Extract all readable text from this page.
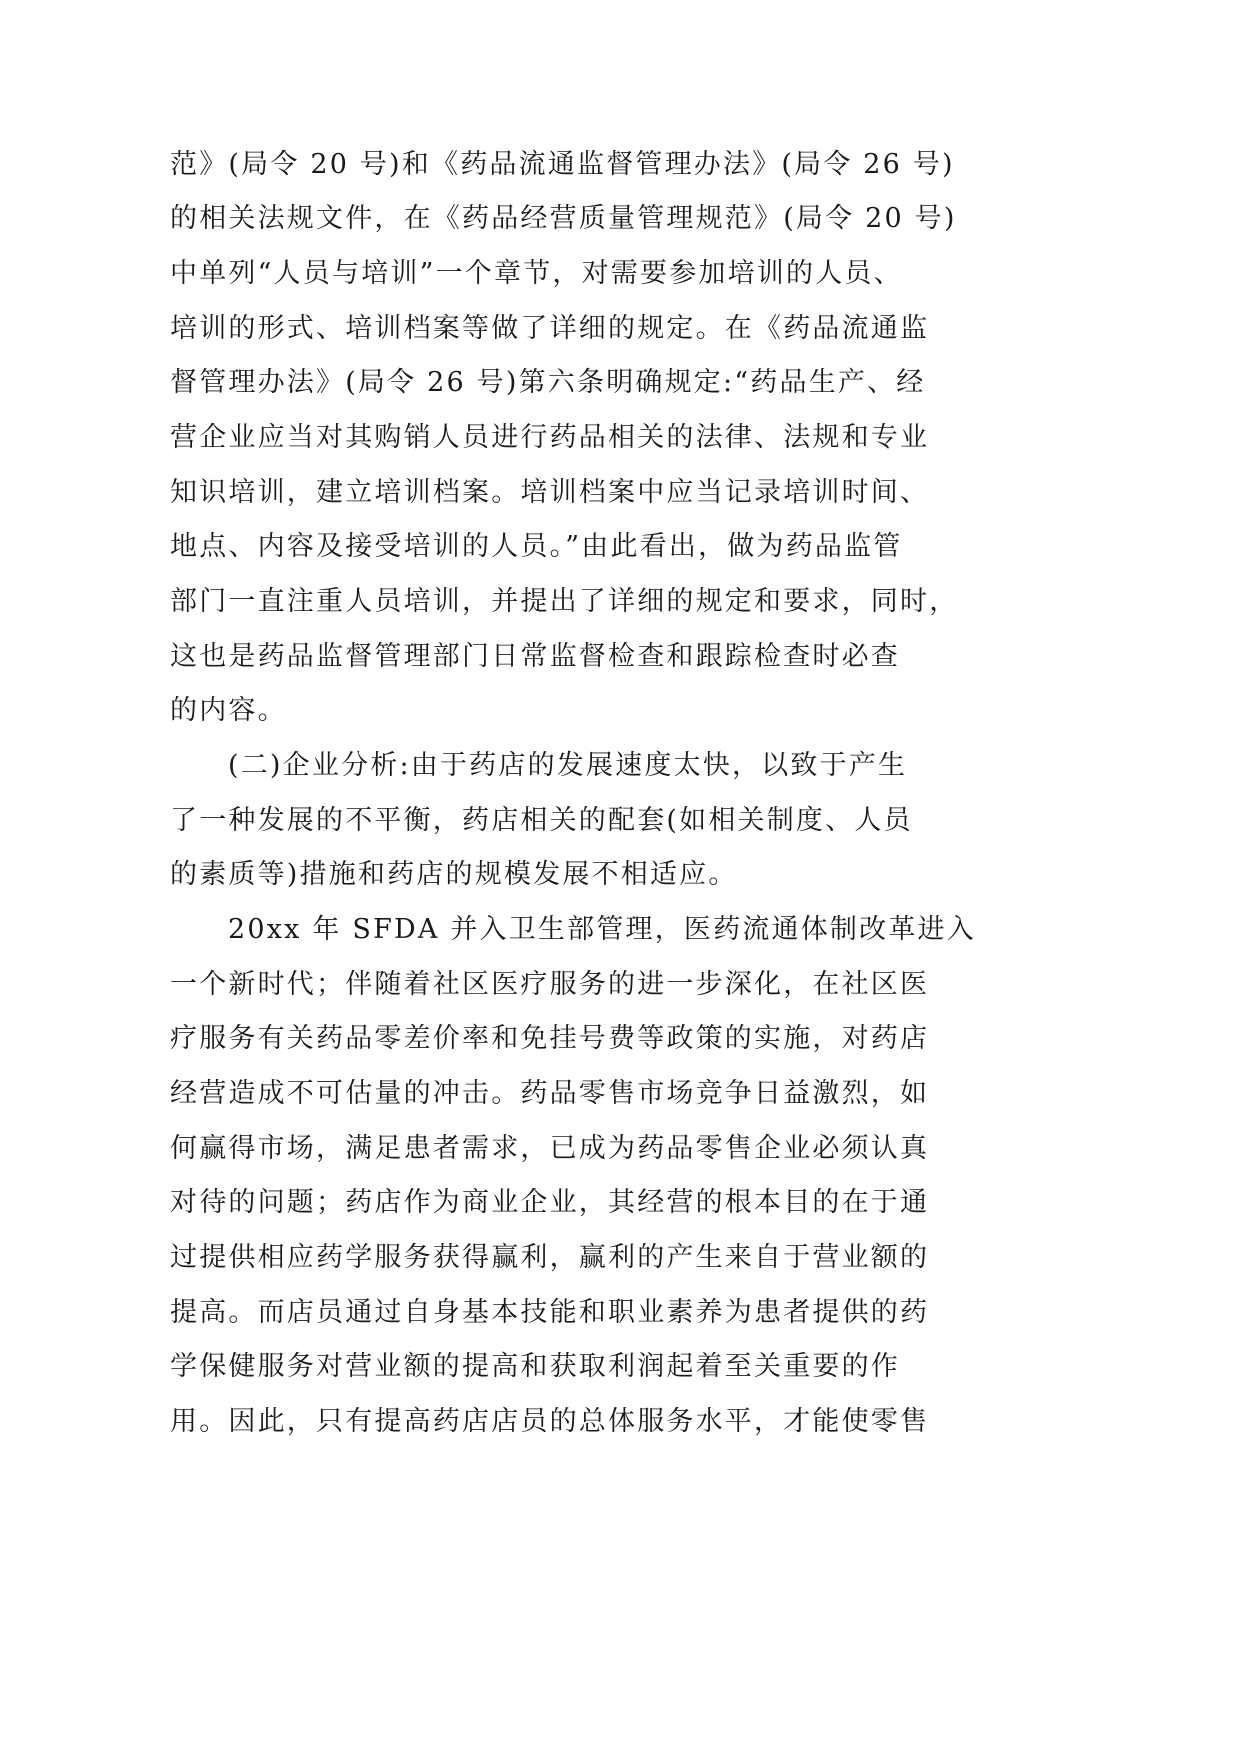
范》(局令 20 号)和《药品流通监督管理办法》(局令 26 号)
的相关法规文件，在《药品经营质量管理规范》(局令 20 号)
中单列“人员与培训”一个章节，对需要参加培训的人员、
培训的形式、培训档案等做了详细的规定。在《药品流通监
督管理办法》(局令 26 号)第六条明确规定:“药品生产、经
营企业应当对其购销人员进行药品相关的法律、法规和专业
知识培训，建立培训档案。培训档案中应当记录培训时间、
地点、内容及接受培训的人员。”由此看出，做为药品监管
部门一直注重人员培训，并提出了详细的规定和要求，同时，
这也是药品监督管理部门日常监督检查和跟踪检查时必查
的内容。
(二)企业分析:由于药店的发展速度太快，以致于产生
了一种发展的不平衡，药店相关的配套(如相关制度、人员
的素质等)措施和药店的规模发展不相适应。
20xx 年 SFDA 并入卫生部管理，医药流通体制改革进入
一个新时代；伴随着社区医疗服务的进一步深化，在社区医
疗服务有关药品零差价率和免挂号费等政策的实施，对药店
经营造成不可估量的冲击。药品零售市场竞争日益激烈，如
何赢得市场，满足患者需求，已成为药品零售企业必须认真
对待的问题；药店作为商业企业，其经营的根本目的在于通
过提供相应药学服务获得赢利，赢利的产生来自于营业额的
提高。而店员通过自身基本技能和职业素养为患者提供的药
学保健服务对营业额的提高和获取利润起着至关重要的作
用。因此，只有提高药店店员的总体服务水平，才能使零售
